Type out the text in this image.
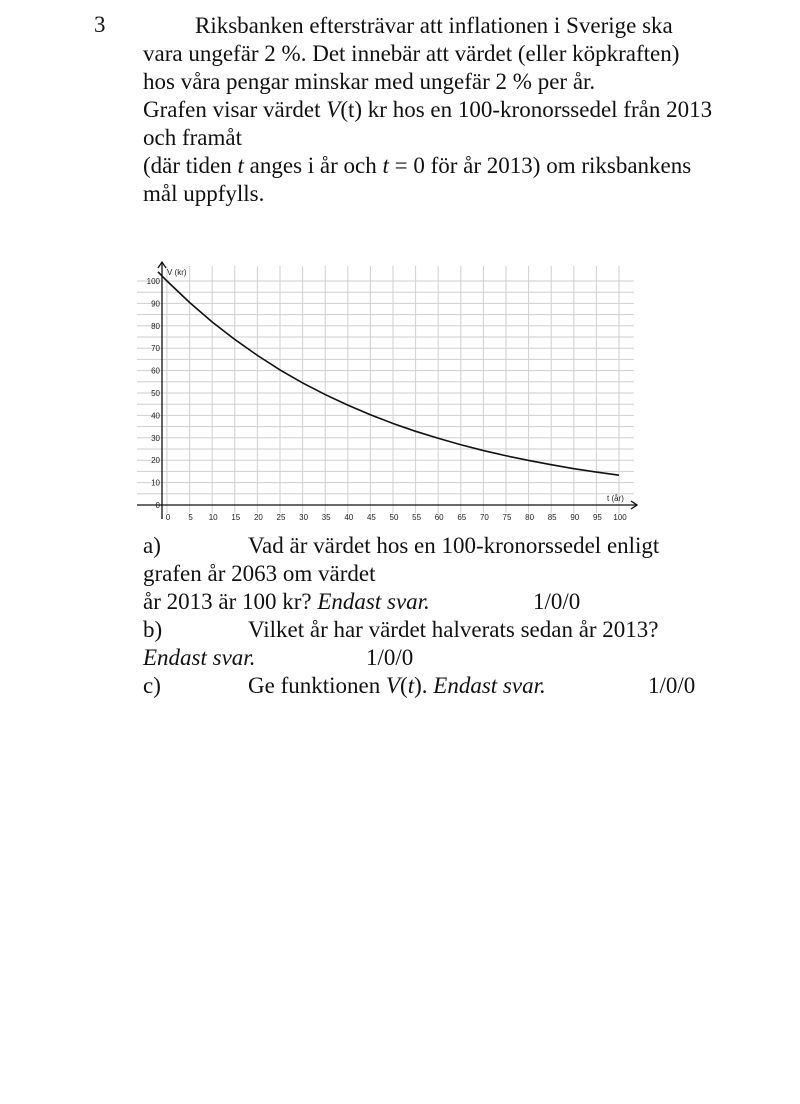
3	Riksbanken eftersträvar att inflationen i Sverige ska vara ungefär 2 %. Det innebär att värdet (eller köpkraften) hos våra pengar minskar med ungefär 2 % per år.

Grafen visar värdet V(t) kr hos en 100-kronorssedel från 2013 och framåt

(där tiden t anges i år och t = 0 för år 2013) om riksbankens mål uppfylls.

V (kr)
t (år)
0 5 10 15 20 25 30 35 40 45 50 55 60 65 70 75 80 85 90 95 100
0
10
20
30
40
50
60
70
80
90
100
a)	Vad är värdet hos en 100-kronorssedel enligt
grafen år 2063 om värdet
år 2013 är 100 kr? Endast svar.	1/0/0
b)	Vilket år har värdet halverats sedan år 2013?
Endast svar.	1/0/0
c)	Ge funktionen V(t). Endast svar.	1/0/0
